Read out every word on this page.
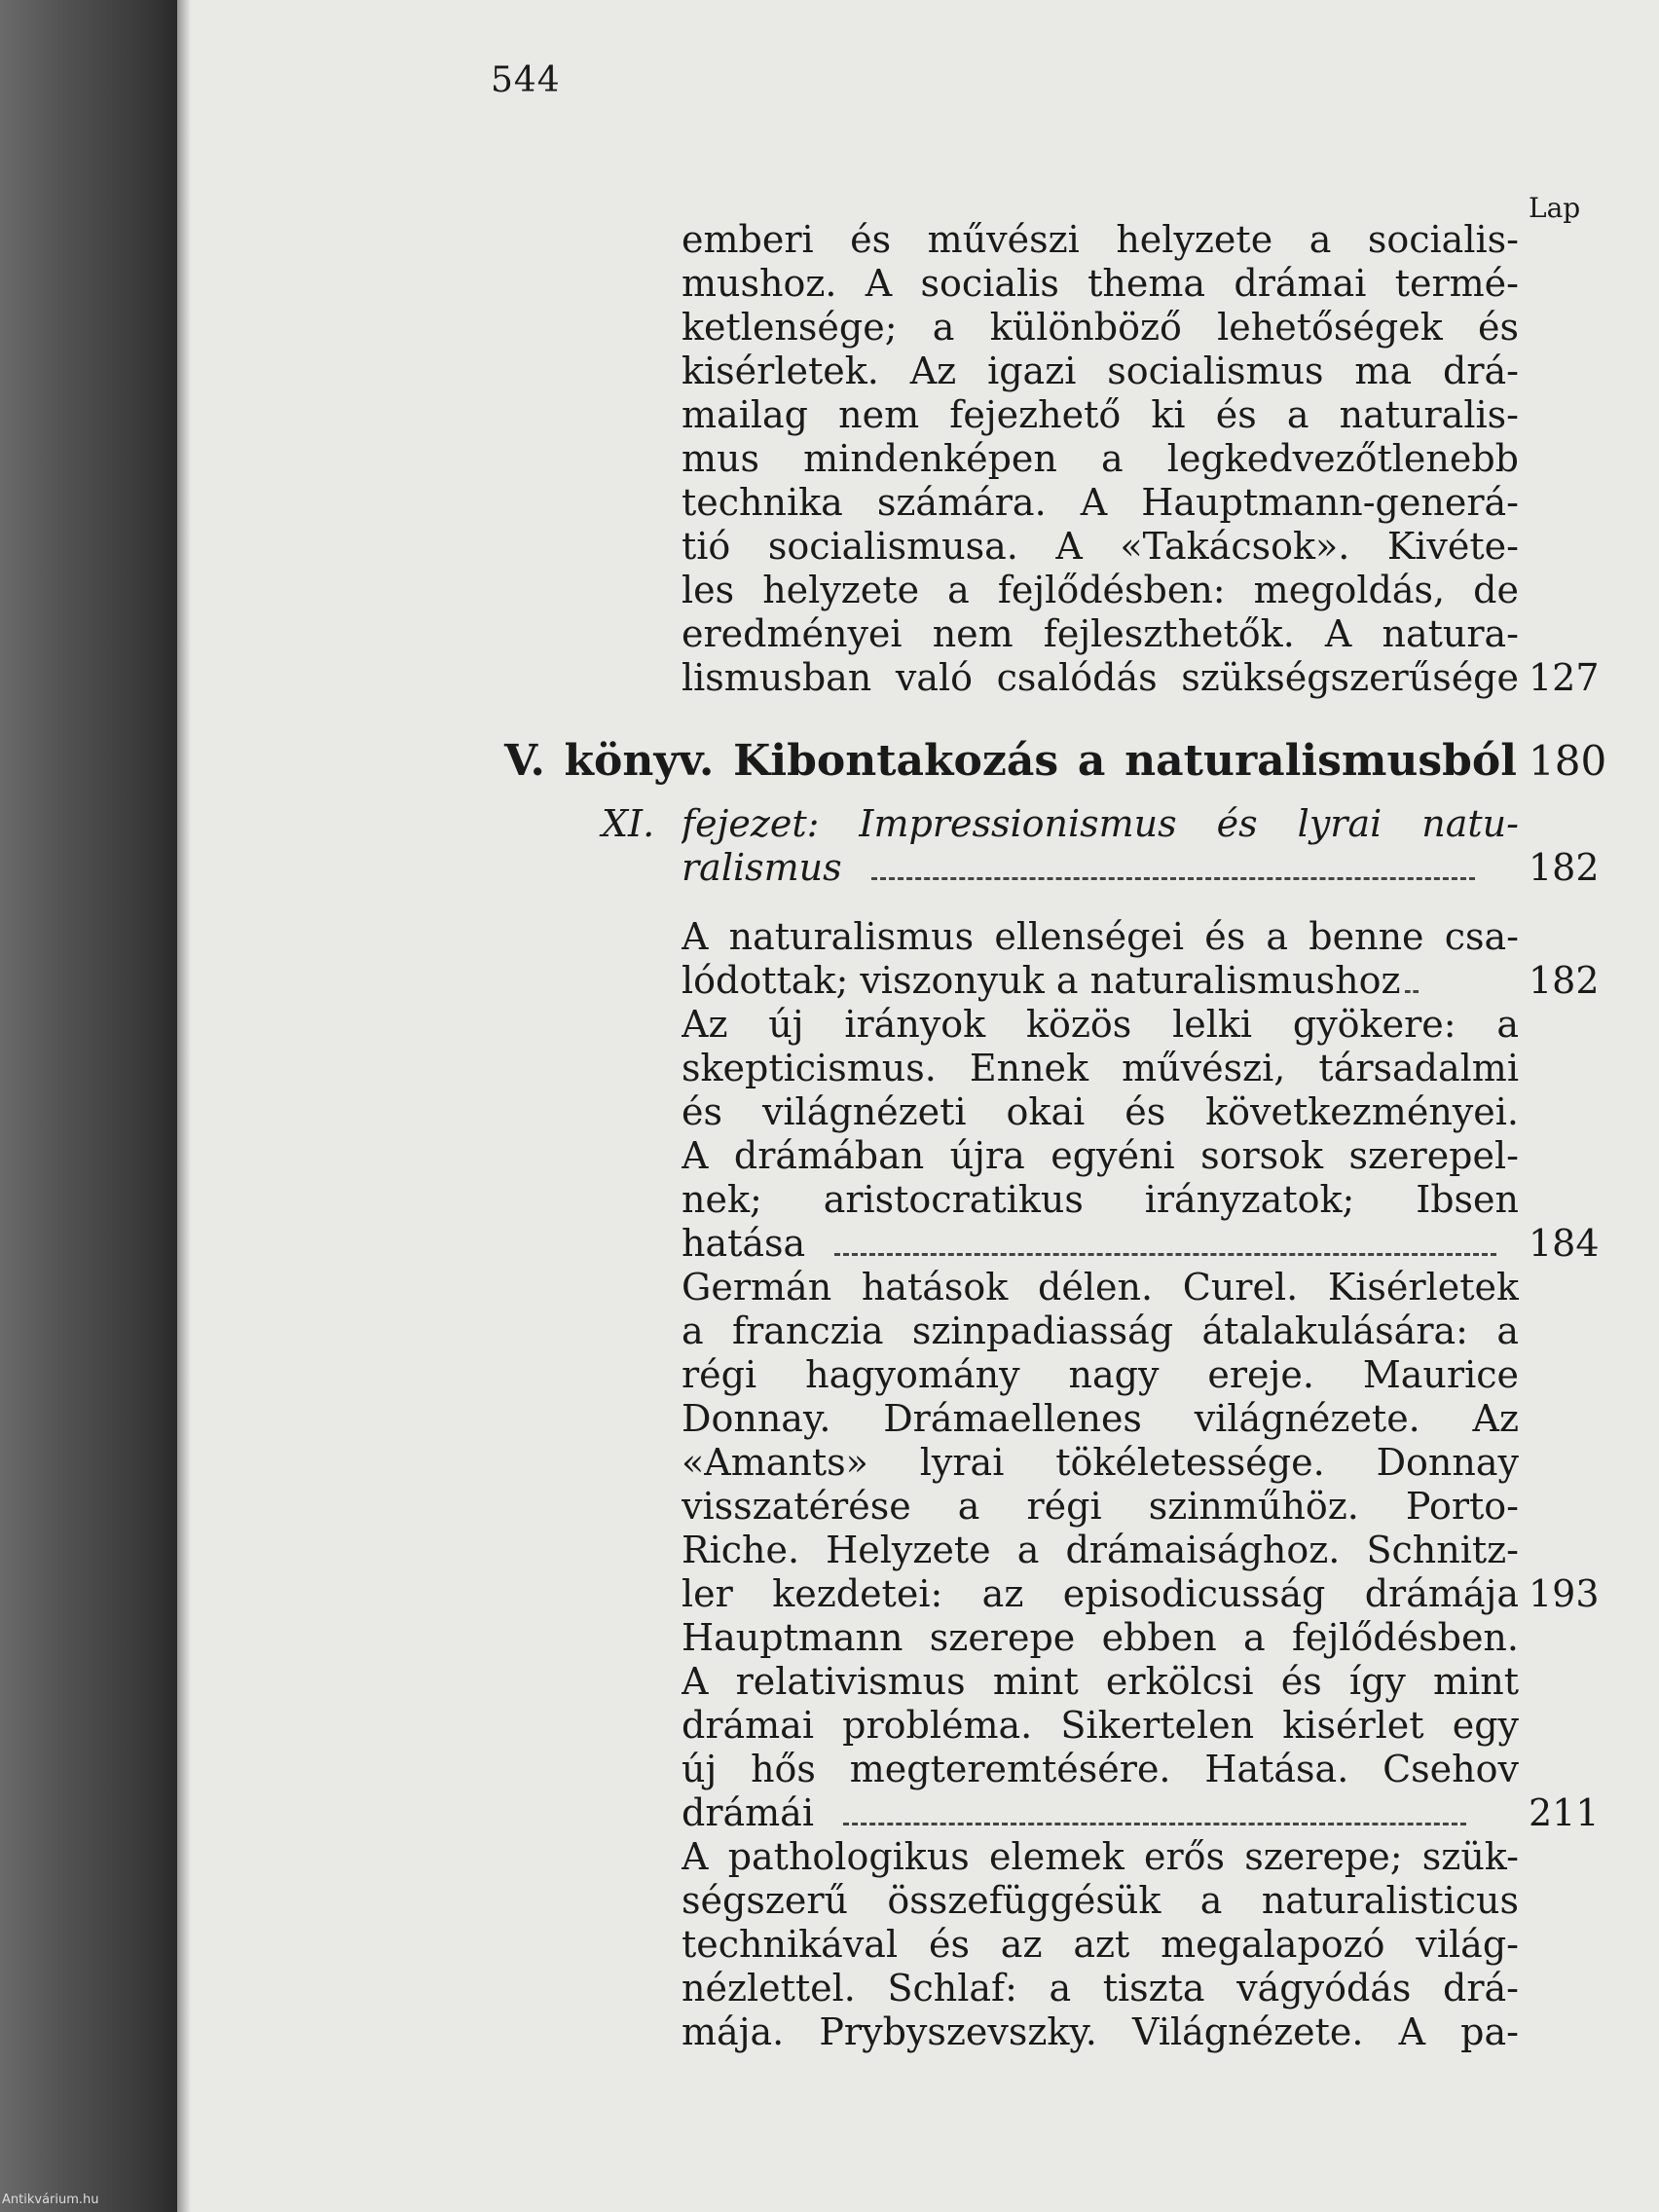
544
Lap
emberi és művészi helyzete a socialis-
mushoz. A socialis thema drámai termé-
ketlensége; a különböző lehetőségek és
kisérletek. Az igazi socialismus ma drá-
mailag nem fejezhető ki és a naturalis-
mus mindenképen a legkedvezőtlenebb
technika számára. A Hauptmann-generá-
tió socialismusa. A «Takácsok». Kivéte-
les helyzete a fejlődésben: megoldás, de
eredményei nem fejleszthetők. A natura-
lismusban való csalódás szükségszerűsége 127
V. könyv. Kibontakozás a naturalismusból 180
XI. fejezet: Impressionismus és lyrai natu-
ralismus	182
A naturalismus ellenségei és a benne csa-
lódottak; viszonyuk a naturalismushoz	182
Az új irányok közös lelki gyökere: a
skepticismus. Ennek művészi, társadalmi
és világnézeti okai és következményei.
A drámában újra egyéni sorsok szerepel-
nek; aristocratikus irányzatok; Ibsen
hatása	184
Germán hatások délen. Curel. Kisérletek
a franczia szinpadiasság átalakulására: a
régi hagyomány nagy ereje. Maurice
Donnay. Drámaellenes világnézete. Az
«Amants» lyrai tökéletessége. Donnay
visszatérése a régi szinműhöz. Porto-
Riche. Helyzete a drámaisághoz. Schnitz-
ler kezdetei: az episodicusság drámája 193
Hauptmann szerepe ebben a fejlődésben.
A relativismus mint erkölcsi és így mint
drámai probléma. Sikertelen kisérlet egy
új hős megteremtésére. Hatása. Csehov
drámái	211
A pathologikus elemek erős szerepe; szük-
ségszerű összefüggésük a naturalisticus
technikával és az azt megalapozó világ-
nézlettel. Schlaf: a tiszta vágyódás drá-
mája. Prybyszevszky. Világnézete. A pa-
Antikvárium.hu
